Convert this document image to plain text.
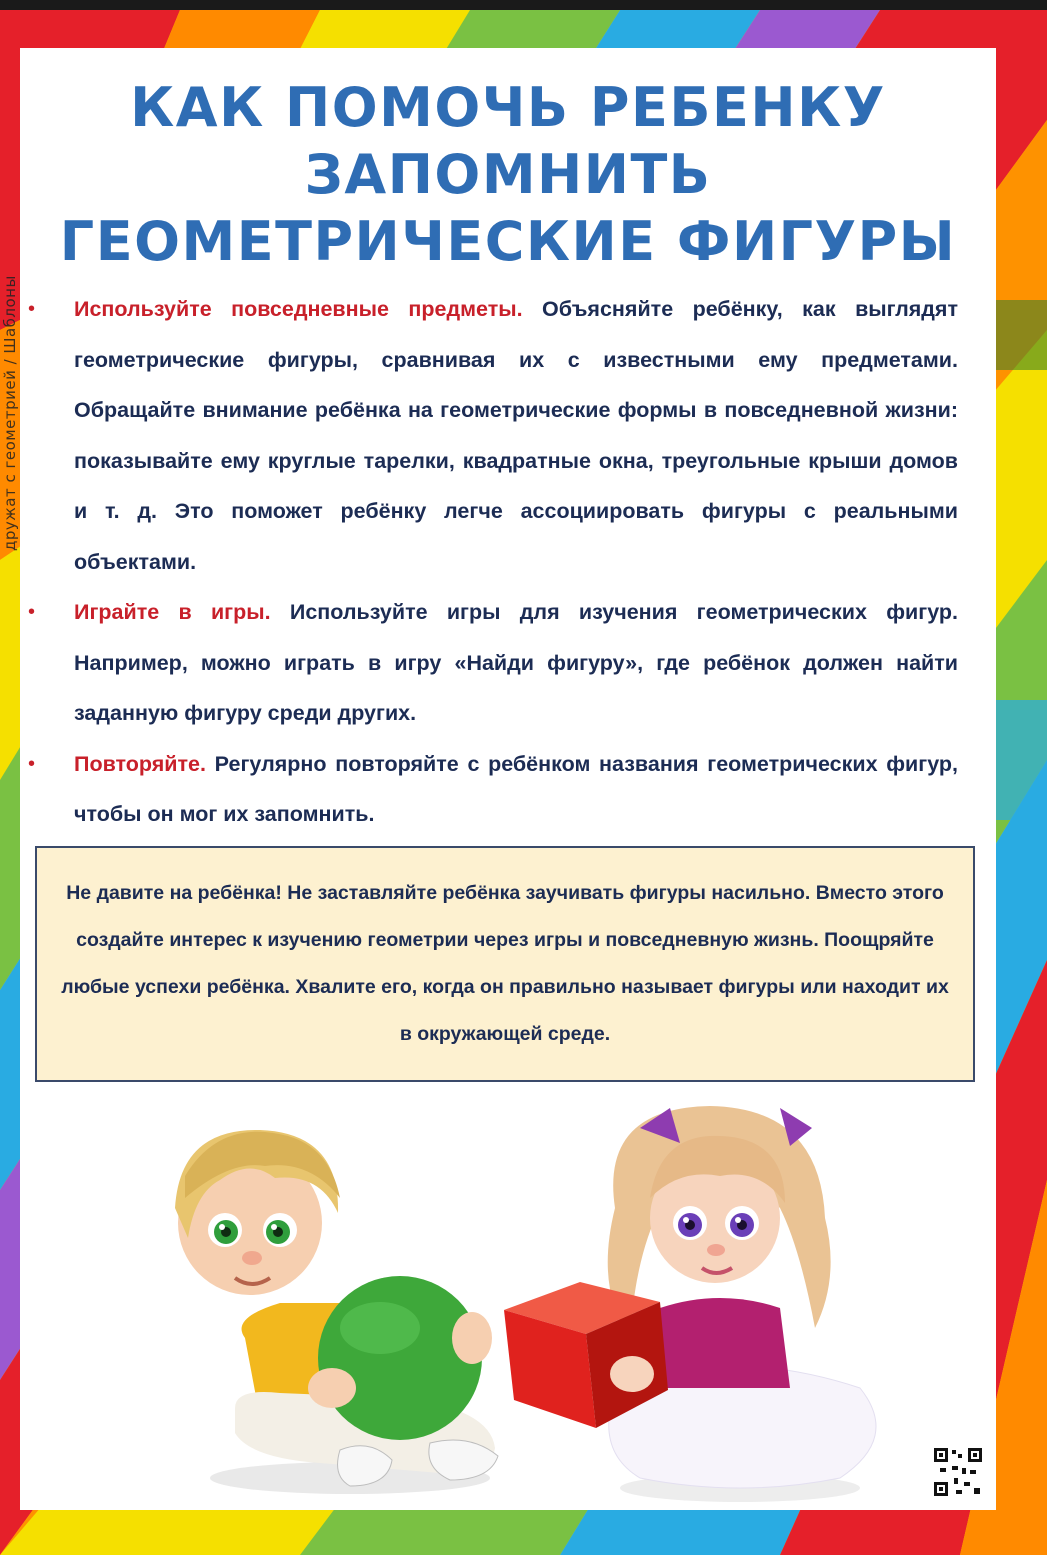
дружат с геометрией / Шаблоны
КАК ПОМОЧЬ РЕБЕНКУ
ЗАПОМНИТЬ
ГЕОМЕТРИЧЕСКИЕ ФИГУРЫ

• Используйте повседневные предметы. Объясняйте ребёнку, как выглядят геометрические фигуры, сравнивая их с известными ему предметами. Обращайте внимание ребёнка на геометрические формы в повседневной жизни: показывайте ему круглые тарелки, квадратные окна, треугольные крыши домов и т. д. Это поможет ребёнку легче ассоциировать фигуры с реальными объектами.

• Играйте в игры. Используйте игры для изучения геометрических фигур. Например, можно играть в игру «Найди фигуру», где ребёнок должен найти заданную фигуру среди других.

• Повторяйте. Регулярно повторяйте с ребёнком названия геометрических фигур, чтобы он мог их запомнить.

Не давите на ребёнка! Не заставляйте ребёнка заучивать фигуры насильно. Вместо этого создайте интерес к изучению геометрии через игры и повседневную жизнь. Поощряйте любые успехи ребёнка. Хвалите его, когда он правильно называет фигуры или находит их в окружающей среде.
